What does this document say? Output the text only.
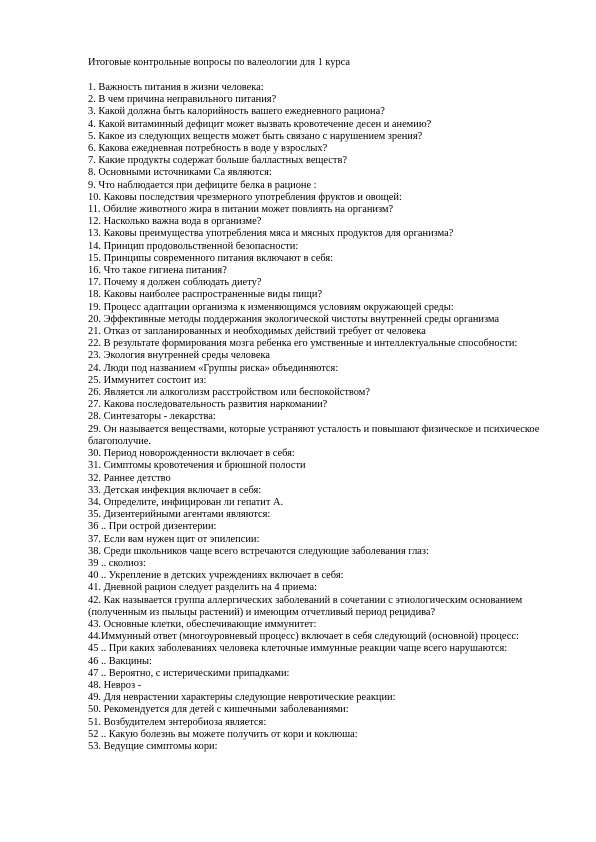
Итоговые контрольные вопросы по валеологии для 1 курса
1. Важность питания в жизни человека:
2. В чем причина неправильного питания?
3. Какой должна быть калорийность вашего ежедневного рациона?
4. Какой витаминный дефицит может вызвать кровотечение десен и анемию?
5. Какое из следующих веществ может быть связано с нарушением зрения?
6. Какова ежедневная потребность в воде у взрослых?
7. Какие продукты содержат больше балластных веществ?
8. Основными источниками Са являются:
9. Что наблюдается при дефиците белка в рационе :
10. Каковы последствия чрезмерного употребления фруктов и овощей:
11. Обилие животного жира в питании может повлиять на организм?
12. Насколько важна вода в организме?
13. Каковы преимущества употребления мяса и мясных продуктов для организма?
14. Принцип продовольственной безопасности:
15. Принципы современного питания включают в себя:
16. Что такое гигиена питания?
17. Почему я должен соблюдать диету?
18. Каковы наиболее распространенные виды пищи?
19. Процесс адаптации организма к изменяющимся условиям окружающей среды:
20. Эффективные методы поддержания экологической чистоты внутренней среды организма
21. Отказ от запланированных и необходимых действий требует от человека
22. В результате формирования мозга ребенка его умственные и интеллектуальные способности:
23. Экология внутренней среды человека
24. Люди под названием «Группы риска» объединяются:
25. Иммунитет состоит из:
26. Является ли алкоголизм расстройством или беспокойством?
27. Какова последовательность развития наркомании?
28. Синтезаторы - лекарства:
29. Он называется веществами, которые устраняют усталость и повышают физическое и психическое благополучие.
30. Период новорожденности включает в себя:
31. Симптомы кровотечения и брюшной полости
32. Раннее детство
33. Детская инфекция включает в себя:
34. Определите, инфицирован ли гепатит А.
35. Дизентерийными агентами являются:
36 .. При острой дизентерии:
37. Если вам нужен щит от эпилепсии:
38. Среди школьников чаще всего встречаются следующие заболевания глаз:
39 .. сколиоз:
40 .. Укрепление в детских учреждениях включает в себя:
41. Дневной рацион следует разделить на 4 приема:
42. Как называется группа аллергических заболеваний в сочетании с этиологическим основанием (полученным из пыльцы растений) и имеющим отчетливый период рецидива?
43. Основные клетки, обеспечивающие иммунитет:
44.Иммунный ответ (многоуровневый процесс) включает в себя следующий (основной) процесс:
45 .. При каких заболеваниях человека клеточные иммунные реакции чаще всего нарушаются:
46 .. Вакцины:
47 .. Вероятно, с истерическими припадками:
48. Невроз -
49. Для неврастении характерны следующие невротические реакции:
50. Рекомендуется для детей с кишечными заболеваниями:
51. Возбудителем энтеробиоза является:
52 .. Какую болезнь вы можете получить от кори и коклюша:
53. Ведущие симптомы кори:
